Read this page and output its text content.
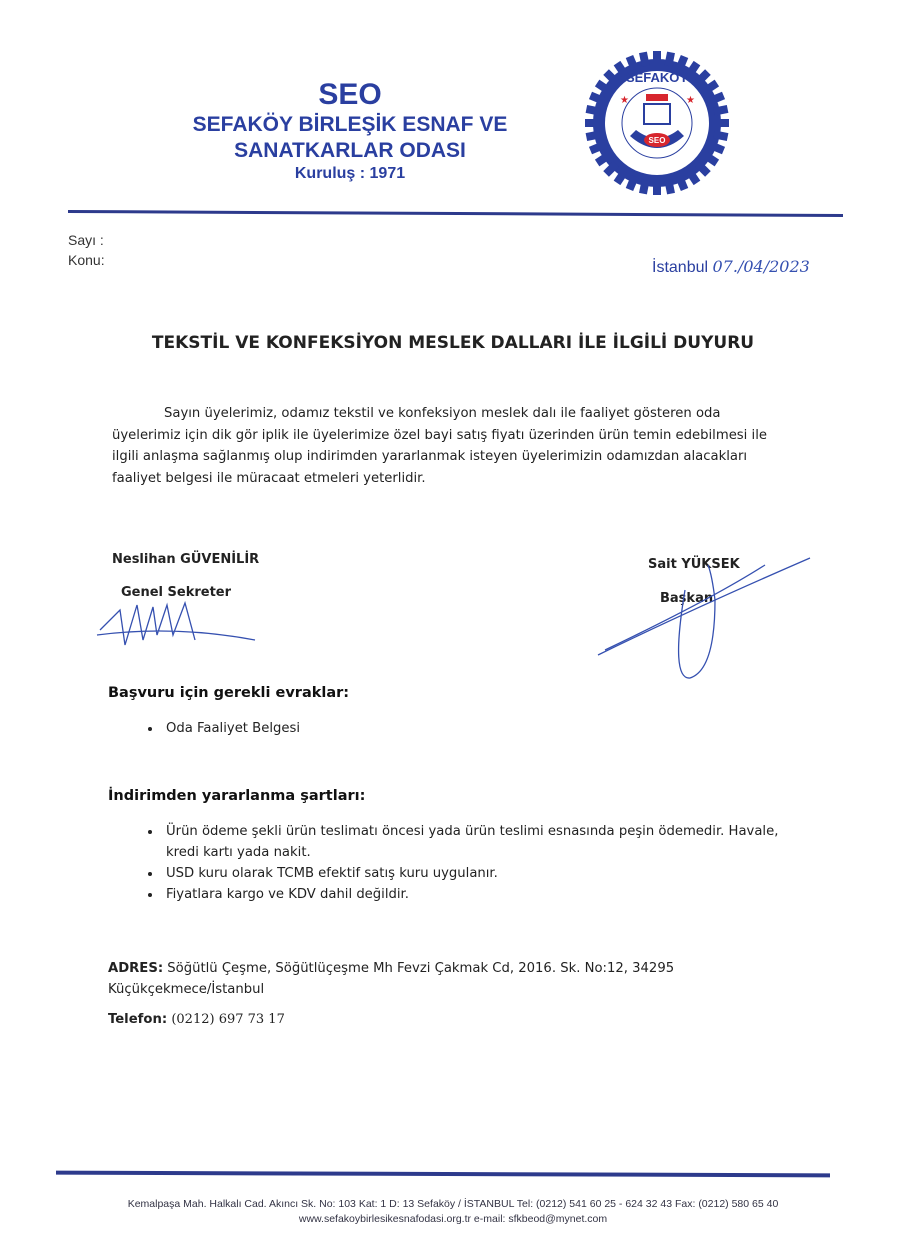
SEO
SEFAKÖY BİRLEŞİK ESNAF VE
SANATKARLAR ODASI
Kuruluş : 1971
SEO
SEFAKÖY
★	★
Sayı :
Konu:	İstanbul 07./04/2023
TEKSTİL VE KONFEKSİYON MESLEK DALLARI İLE İLGİLİ DUYURU
Sayın üyelerimiz, odamız tekstil ve konfeksiyon meslek dalı ile faaliyet gösteren oda üyelerimiz için dik gör iplik ile üyelerimize özel bayi satış fiyatı üzerinden ürün temin edebilmesi ile ilgili anlaşma sağlanmış olup indirimden yararlanmak isteyen üyelerimizin odamızdan alacakları faaliyet belgesi ile müracaat etmeleri yeterlidir.
Neslihan GÜVENİLİR
Genel Sekreter
Sait YÜKSEK
Başkan
Başvuru için gerekli evraklar:
• Oda Faaliyet Belgesi
İndirimden yararlanma şartları:
• Ürün ödeme şekli ürün teslimatı öncesi yada ürün teslimi esnasında peşin ödemedir. Havale, kredi kartı yada nakit.
• USD kuru olarak TCMB efektif satış kuru uygulanır.
• Fiyatlara kargo ve KDV dahil değildir.
ADRES: Söğütlü Çeşme, Söğütlüçeşme Mh Fevzi Çakmak Cd, 2016. Sk. No:12, 34295 Küçükçekmece/İstanbul
Telefon: (0212) 697 73 17
Kemalpaşa Mah. Halkalı Cad. Akıncı Sk. No: 103 Kat: 1 D: 13 Sefaköy / İSTANBUL Tel: (0212) 541 60 25 - 624 32 43 Fax: (0212) 580 65 40
www.sefakoybirlesikesnafodasi.org.tr e-mail: sfkbeod@mynet.com
